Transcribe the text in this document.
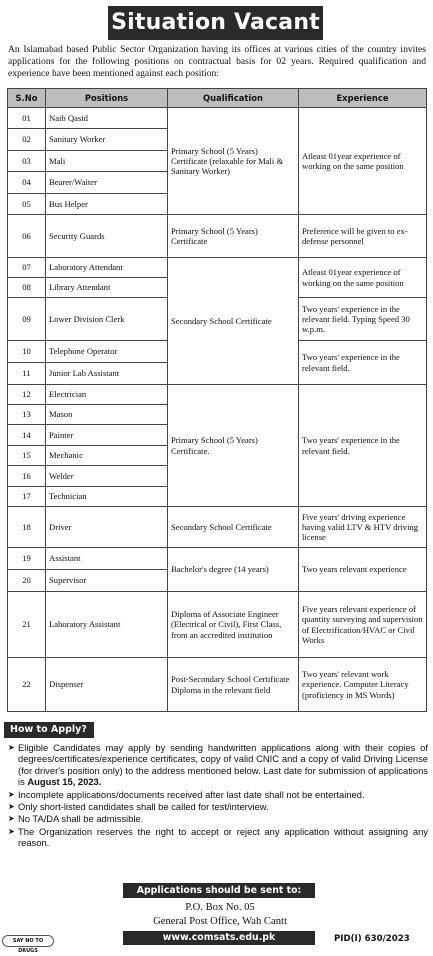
Situation Vacant

An Islamabad based Public Sector Organization having its offices at various cities of the country invites applications for the following positions on contractual basis for 02 years. Required qualification and experience have been mentioned against each position:

S.No	Positions	Qualification	Experience
01	Naib Qasid	Primary School (5 Years) Certificate (relaxable for Mali & Sanitary Worker)	Atleast 01year experience of working on the same position
02	Sanitary Worker		
03	Mali		
04	Bearer/Waiter		
05	Bus Helper		
06	Security Guards	Primary School (5 Years) Certificate	Preference will be given to ex-defense personnel
07	Laboratory Attendant	Secondary School Certificate	Atleast 01year experience of working on the same position
08	Library Attendant		
09	Lower Division Clerk		Two years' experience in the relevant field. Typing Speed 30 w.p.m.
10	Telephone Operator		Two years' experience in the relevant field.
11	Junior Lab Assistant		
12	Electrician	Primary School (5 Years) Certificate.	Two years' experience in the relevant field.
13	Mason		
14	Painter		
15	Mechanic		
16	Welder		
17	Technician		
18	Driver	Secondary School Certificate	Five years' driving experience having valid LTV & HTV driving license
19	Assistant	Bachelor's degree (14 years)	Two years relevant experience
20	Supervisor		
21	Laboratory Assistant	Diploma of Associate Engineer (Electrical or Civil), First Class, from an accredited institution	Five years relevant experience of quantity surveying and supervision of Electrification/HVAC or Civil Works
22	Dispenser	Post-Secondary School Certificate Diploma in the relevant field	Two years' relevant work experience. Computer Literacy (proficiency in MS Words)
How to Apply?
➤ Eligible Candidates may apply by sending handwritten applications along with their copies of degrees/certificates/experience certificates, copy of valid CNIC and a copy of valid Driving License (for driver's position only) to the address mentioned below. Last date for submission of applications is August 15, 2023.
➤ Incomplete applications/documents received after last date shall not be entertained.
➤ Only short-listed candidates shall be called for test/interview.
➤ No TA/DA shall be admissible.
➤ The Organization reserves the right to accept or reject any application without assigning any reason.
Applications should be sent to:
P.O. Box No. 05
General Post Office, Wah Cantt
www.comsats.edu.pk
SAY NO TO DRUGS
PID(I) 630/2023
